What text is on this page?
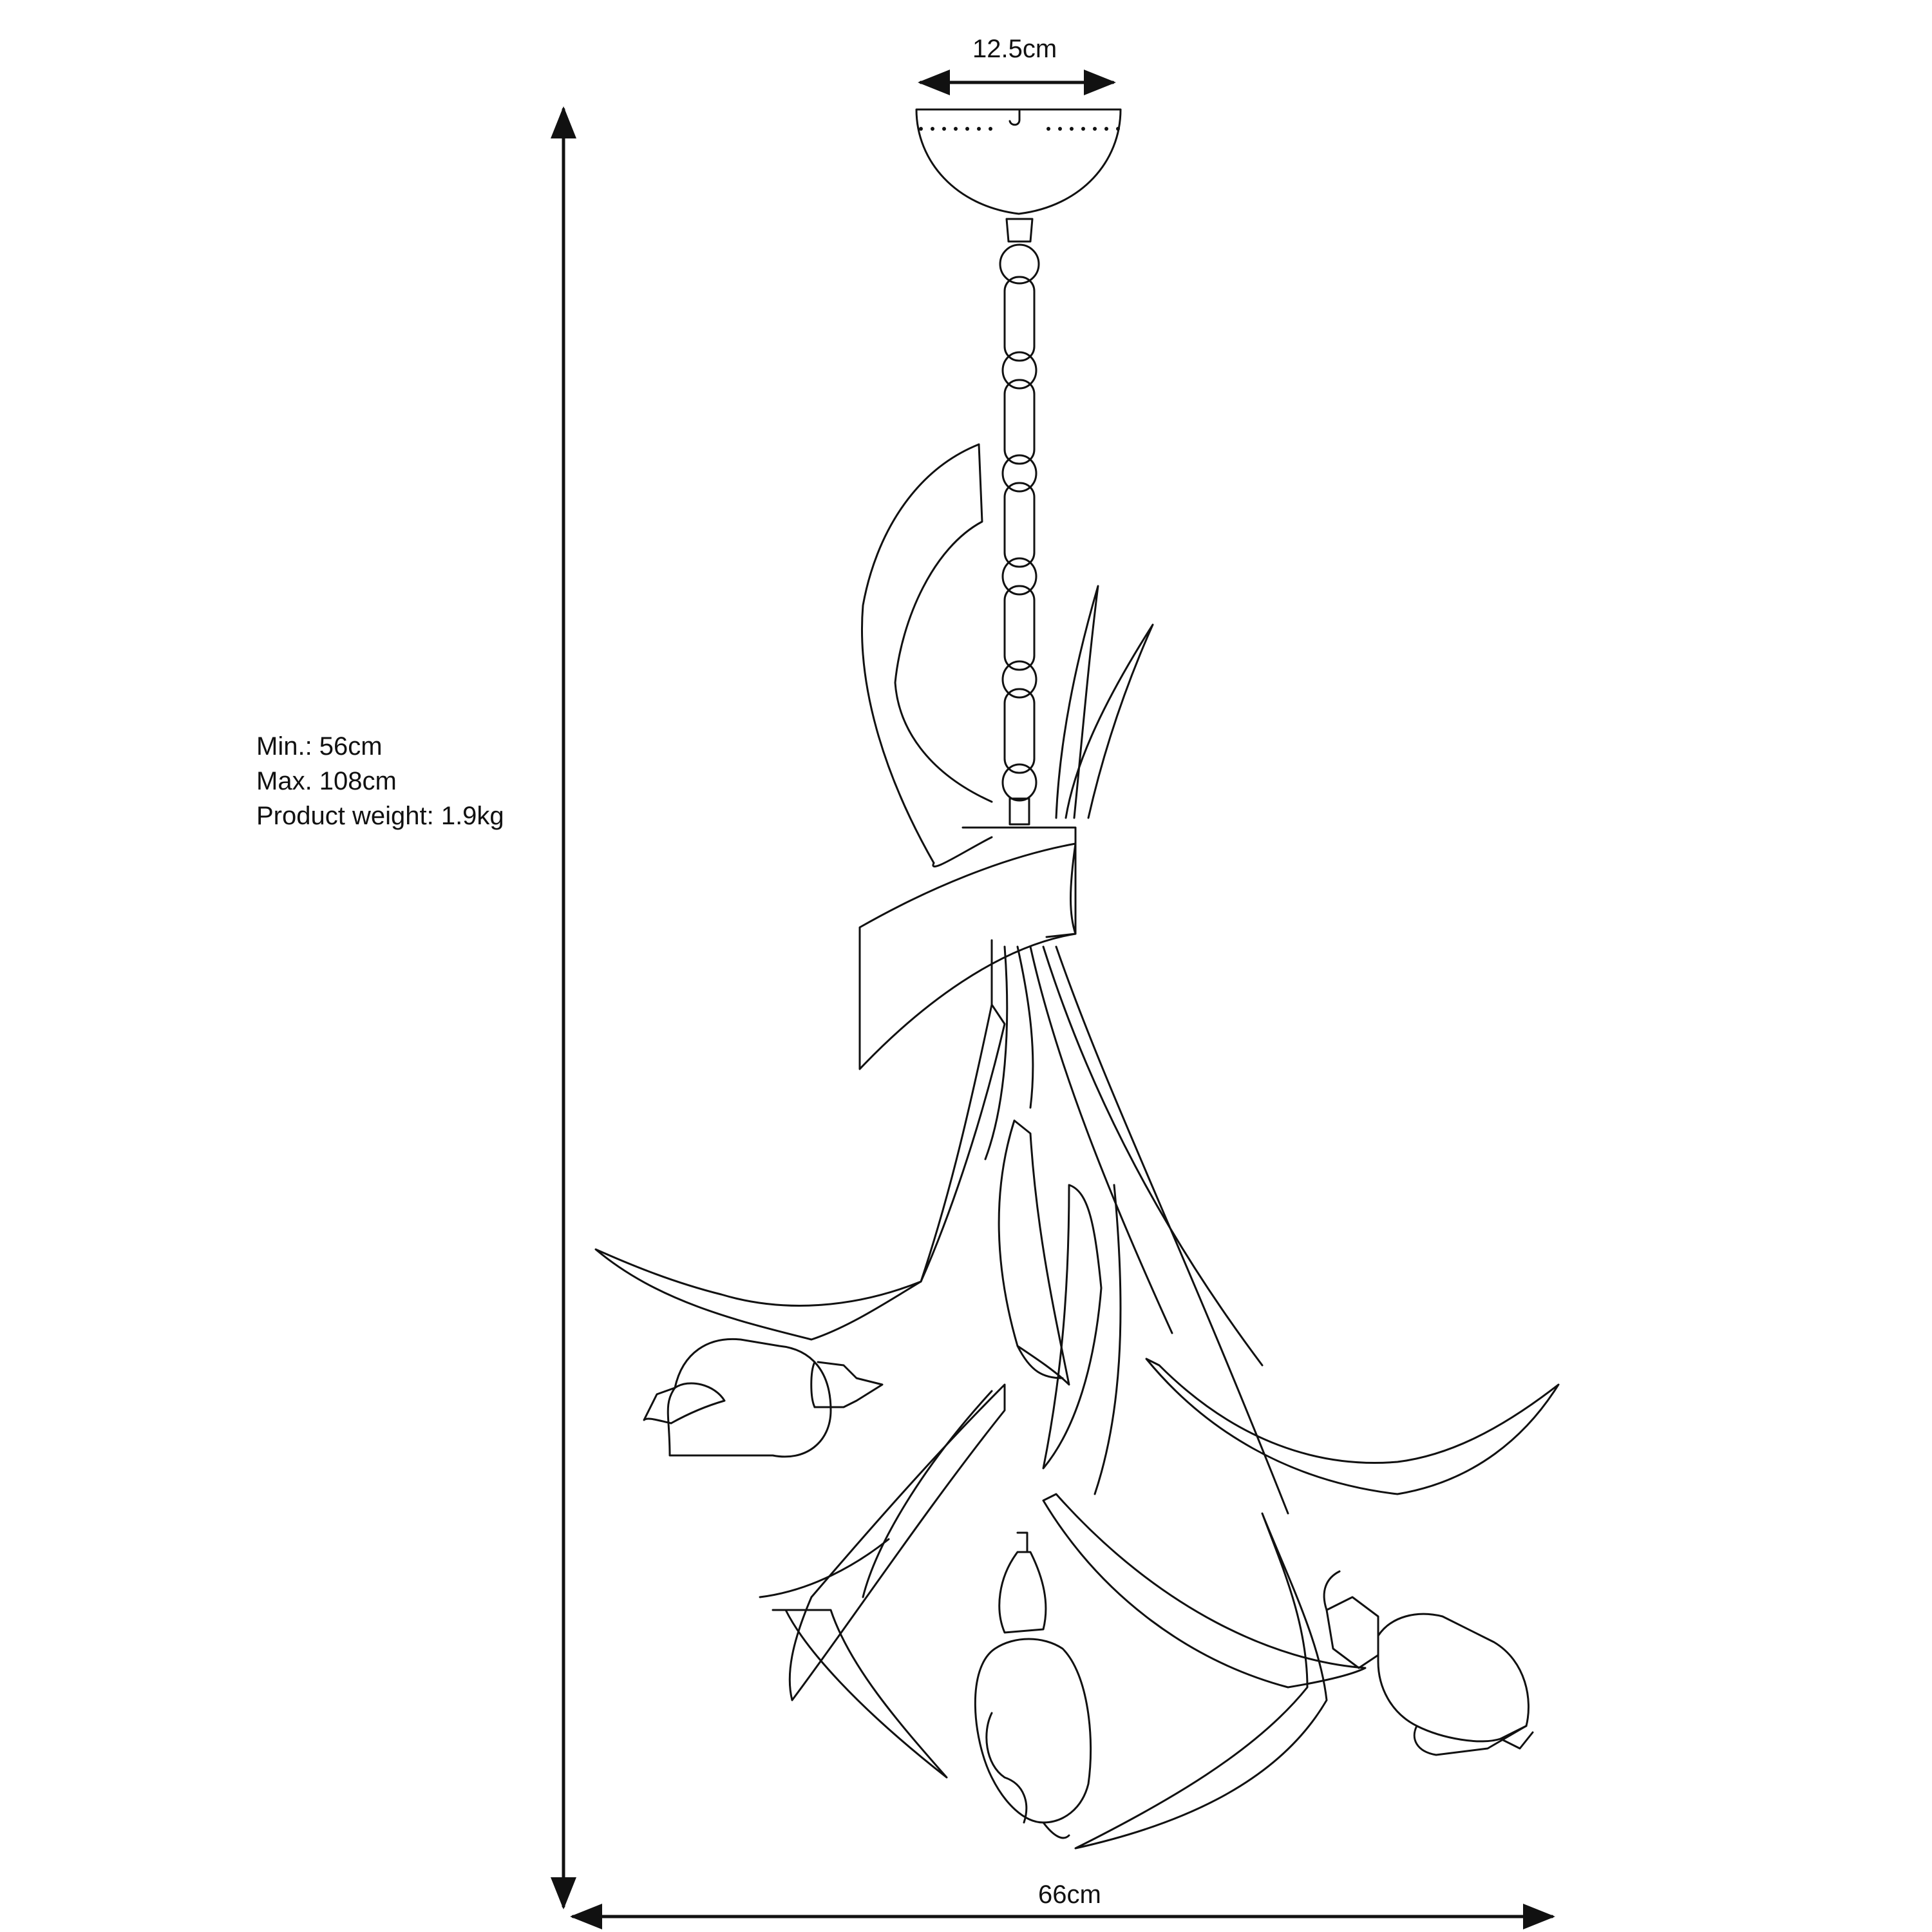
12.5cm
Min.: 56cm
Max. 108cm
Product weight: 1.9kg
66cm
